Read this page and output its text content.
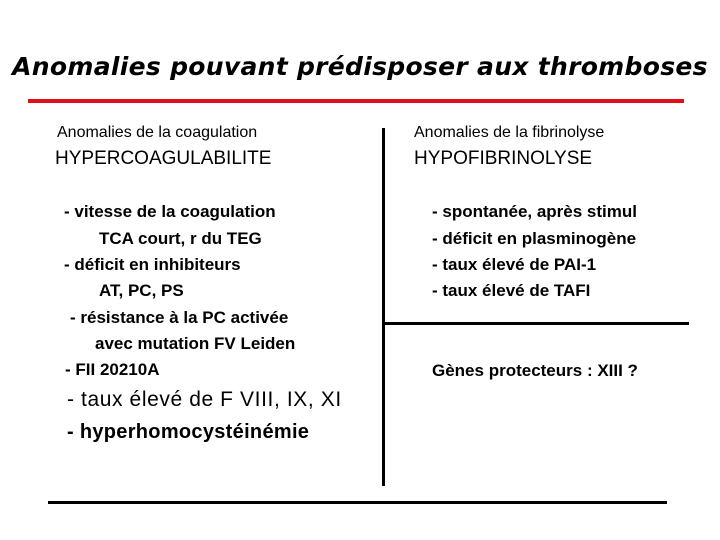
Anomalies pouvant prédisposer aux thromboses
Anomalies de la coagulation
HYPERCOAGULABILITE
- vitesse de la coagulation
TCA court, r du TEG
- déficit en inhibiteurs
AT, PC, PS
- résistance à la PC activée
avec mutation FV Leiden
- FII 20210A
- taux élevé de F VIII, IX, XI
- hyperhomocystéinémie
Anomalies de la fibrinolyse
HYPOFIBRINOLYSE
- spontanée, après stimul
- déficit en plasminogène
- taux élevé de PAI-1
- taux élevé de TAFI
Gènes protecteurs : XIII ?
